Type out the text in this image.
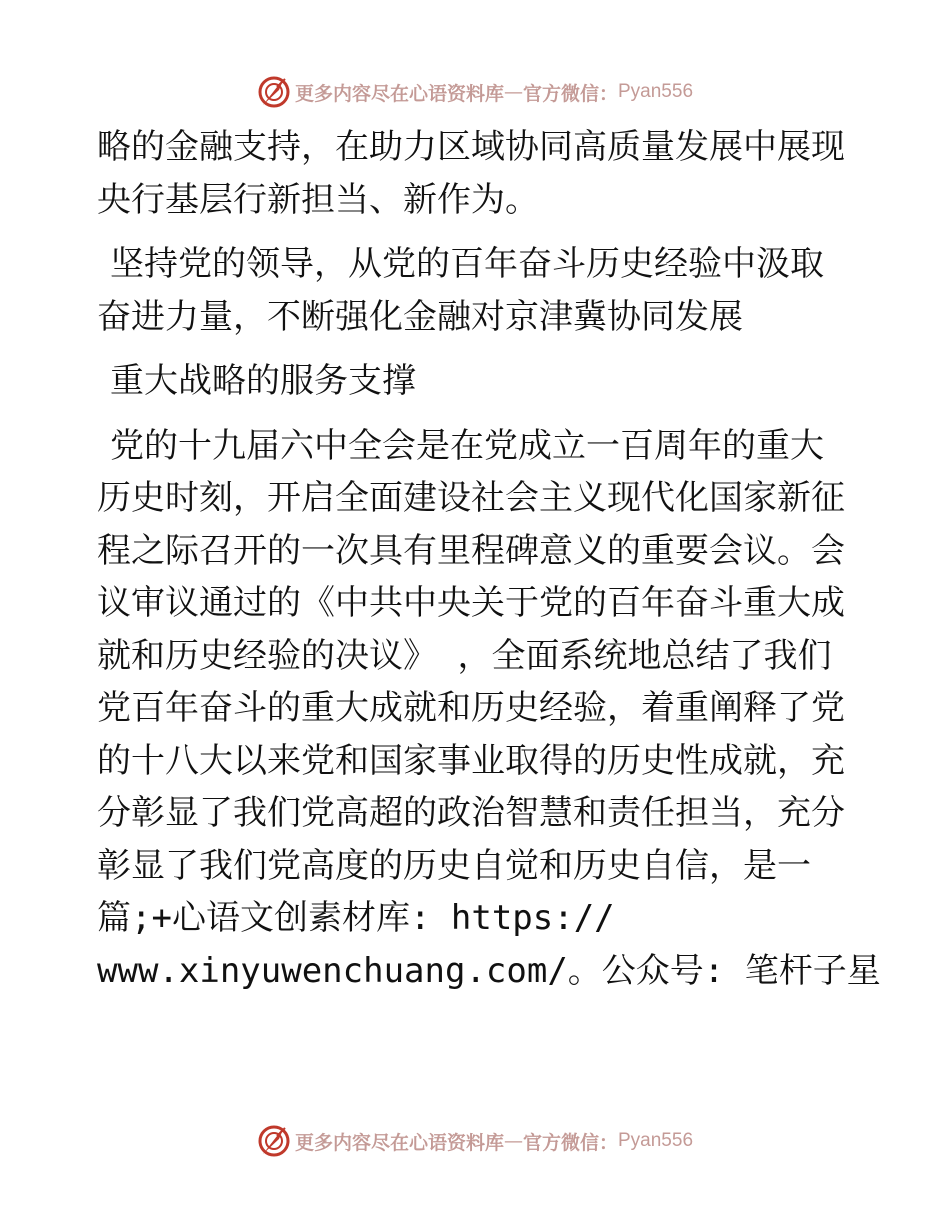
更多内容尽在心语资料库 — 官方微信： Pyan556

略的金融支持，在助力区域协同高质量发展中展现
央行基层行新担当、新作为。

坚持党的领导，从党的百年奋斗历史经验中汲取
奋进力量，不断强化金融对京津冀协同发展

重大战略的服务支撑

党的十九届六中全会是在党成立一百周年的重大
历史时刻，开启全面建设社会主义现代化国家新征
程之际召开的一次具有里程碑意义的重要会议。会
议审议通过的《中共中央关于党的百年奋斗重大成
就和历史经验的决议》 ，全面系统地总结了我们
党百年奋斗的重大成就和历史经验，着重阐释了党
的十八大以来党和国家事业取得的历史性成就，充
分彰显了我们党高超的政治智慧和责任担当，充分
彰显了我们党高度的历史自觉和历史自信，是一
篇;+心语文创素材库: https://
www.xinyuwenchuang.com/。公众号: 笔杆子星

更多内容尽在心语资料库 — 官方微信： Pyan556
